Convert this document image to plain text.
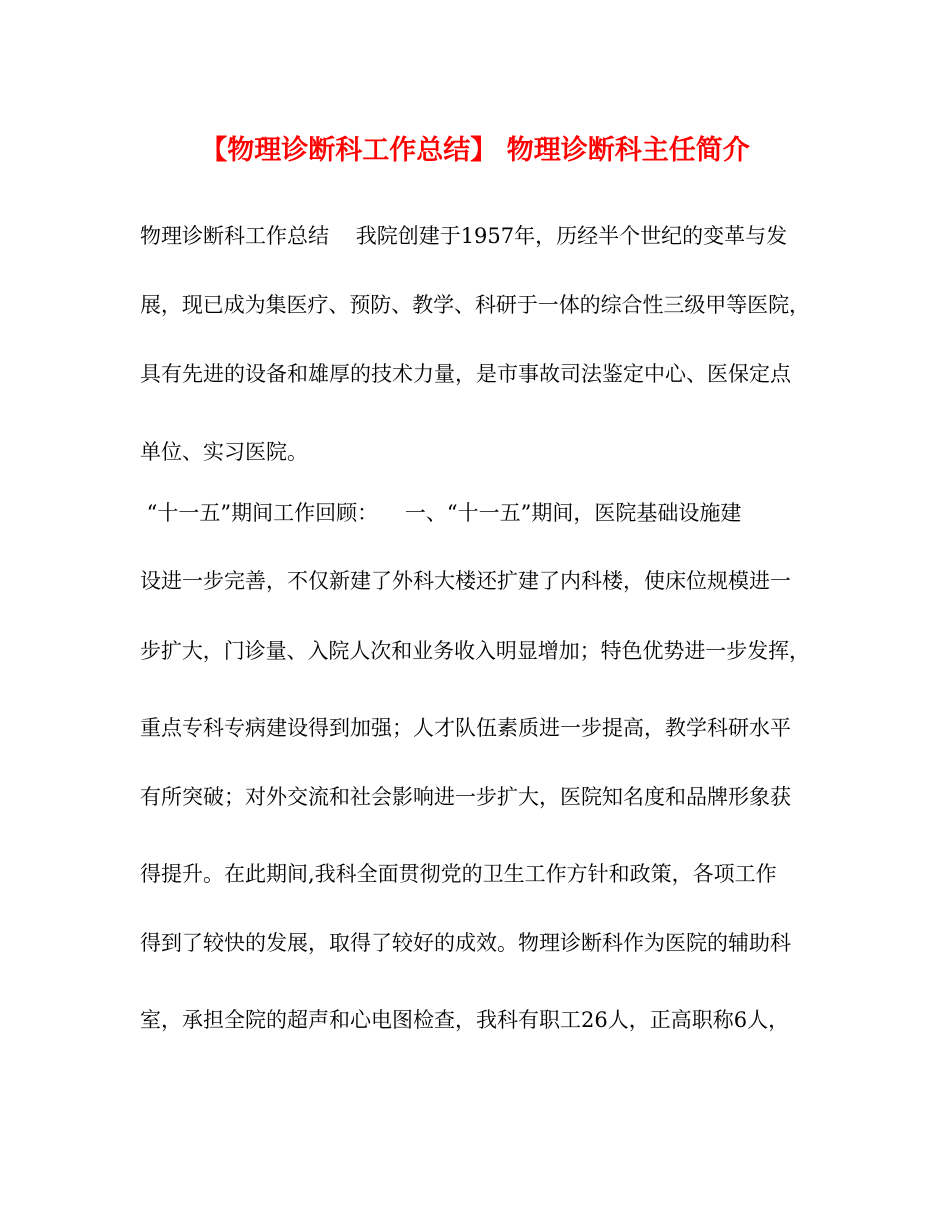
【物理诊断科工作总结】 物理诊断科主任简介
物理诊断科工作总结    我院创建于1957年，历经半个世纪的变革与发
展，现已成为集医疗、预防、教学、科研于一体的综合性三级甲等医院，
具有先进的设备和雄厚的技术力量，是市事故司法鉴定中心、医保定点
单位、实习医院。
“十一五”期间工作回顾：    一、“十一五”期间，医院基础设施建
设进一步完善，不仅新建了外科大楼还扩建了内科楼，使床位规模进一
步扩大，门诊量、入院人次和业务收入明显增加；特色优势进一步发挥，
重点专科专病建设得到加强；人才队伍素质进一步提高，教学科研水平
有所突破；对外交流和社会影响进一步扩大，医院知名度和品牌形象获
得提升。在此期间,我科全面贯彻党的卫生工作方针和政策，各项工作
得到了较快的发展，取得了较好的成效。物理诊断科作为医院的辅助科
室，承担全院的超声和心电图检查，我科有职工26人，正高职称6人，
